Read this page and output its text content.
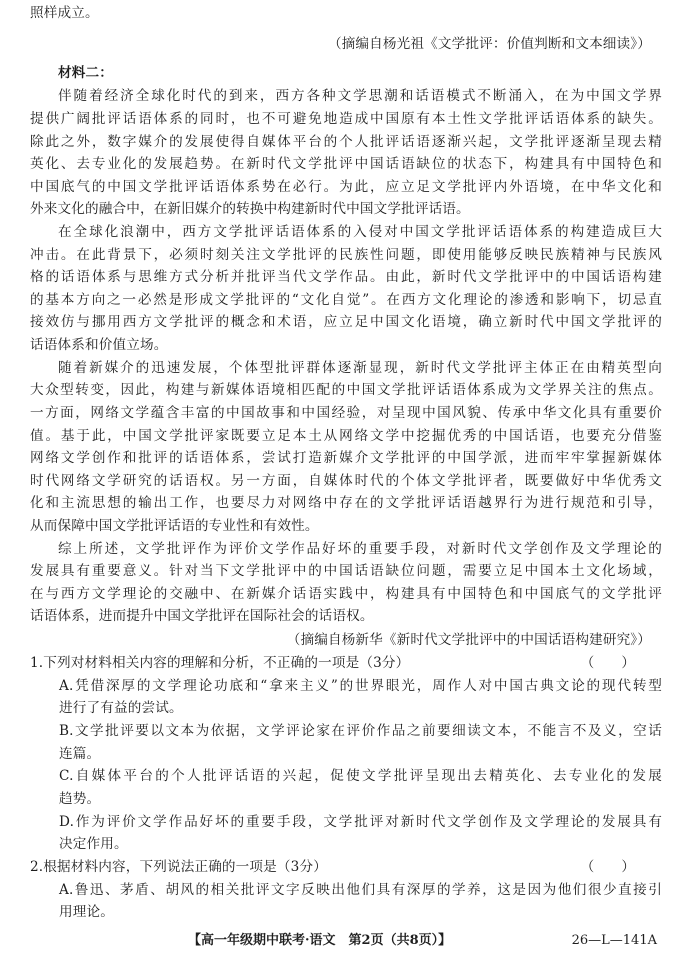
照样成立。
（摘编自杨光祖《文学批评：价值判断和文本细读》）
材料二：
伴随着经济全球化时代的到来，西方各种文学思潮和话语模式不断涌入，在为中国文学界
提供广阔批评话语体系的同时，也不可避免地造成中国原有本土性文学批评话语体系的缺失。
除此之外，数字媒介的发展使得自媒体平台的个人批评话语逐渐兴起，文学批评逐渐呈现去精
英化、去专业化的发展趋势。在新时代文学批评中国话语缺位的状态下，构建具有中国特色和
中国底气的中国文学批评话语体系势在必行。为此，应立足文学批评内外语境，在中华文化和
外来文化的融合中，在新旧媒介的转换中构建新时代中国文学批评话语。
在全球化浪潮中，西方文学批评话语体系的入侵对中国文学批评话语体系的构建造成巨大
冲击。在此背景下，必须时刻关注文学批评的民族性问题，即使用能够反映民族精神与民族风
格的话语体系与思维方式分析并批评当代文学作品。由此，新时代文学批评中的中国话语构建
的基本方向之一必然是形成文学批评的“文化自觉”。在西方文化理论的渗透和影响下，切忌直
接效仿与挪用西方文学批评的概念和术语，应立足中国文化语境，确立新时代中国文学批评的
话语体系和价值立场。
随着新媒介的迅速发展，个体型批评群体逐渐显现，新时代文学批评主体正在由精英型向
大众型转变，因此，构建与新媒体语境相匹配的中国文学批评话语体系成为文学界关注的焦点。
一方面，网络文学蕴含丰富的中国故事和中国经验，对呈现中国风貌、传承中华文化具有重要价
值。基于此，中国文学批评家既要立足本土从网络文学中挖掘优秀的中国话语，也要充分借鉴
网络文学创作和批评的话语体系，尝试打造新媒介文学批评的中国学派，进而牢牢掌握新媒体
时代网络文学研究的话语权。另一方面，自媒体时代的个体文学批评者，既要做好中华优秀文
化和主流思想的输出工作，也要尽力对网络中存在的文学批评话语越界行为进行规范和引导，
从而保障中国文学批评话语的专业性和有效性。
综上所述，文学批评作为评价文学作品好坏的重要手段，对新时代文学创作及文学理论的
发展具有重要意义。针对当下文学批评中的中国话语缺位问题，需要立足中国本土文化场域，
在与西方文学理论的交融中、在新媒介话语实践中，构建具有中国特色和中国底气的文学批评
话语体系，进而提升中国文学批评在国际社会的话语权。
（摘编自杨新华《新时代文学批评中的中国话语构建研究》）
1.下列对材料相关内容的理解和分析，不正确的一项是（3分）	（　　）
A.凭借深厚的文学理论功底和“拿来主义”的世界眼光，周作人对中国古典文论的现代转型
进行了有益的尝试。
B.文学批评要以文本为依据，文学评论家在评价作品之前要细读文本，不能言不及义，空话
连篇。
C.自媒体平台的个人批评话语的兴起，促使文学批评呈现出去精英化、去专业化的发展
趋势。
D.作为评价文学作品好坏的重要手段，文学批评对新时代文学创作及文学理论的发展具有
决定作用。
2.根据材料内容，下列说法正确的一项是（3分）	（　　）
A.鲁迅、茅盾、胡风的相关批评文字反映出他们具有深厚的学养，这是因为他们很少直接引
用理论。
【高一年级期中联考·语文　第2页（共8页）】	26—L—141A
